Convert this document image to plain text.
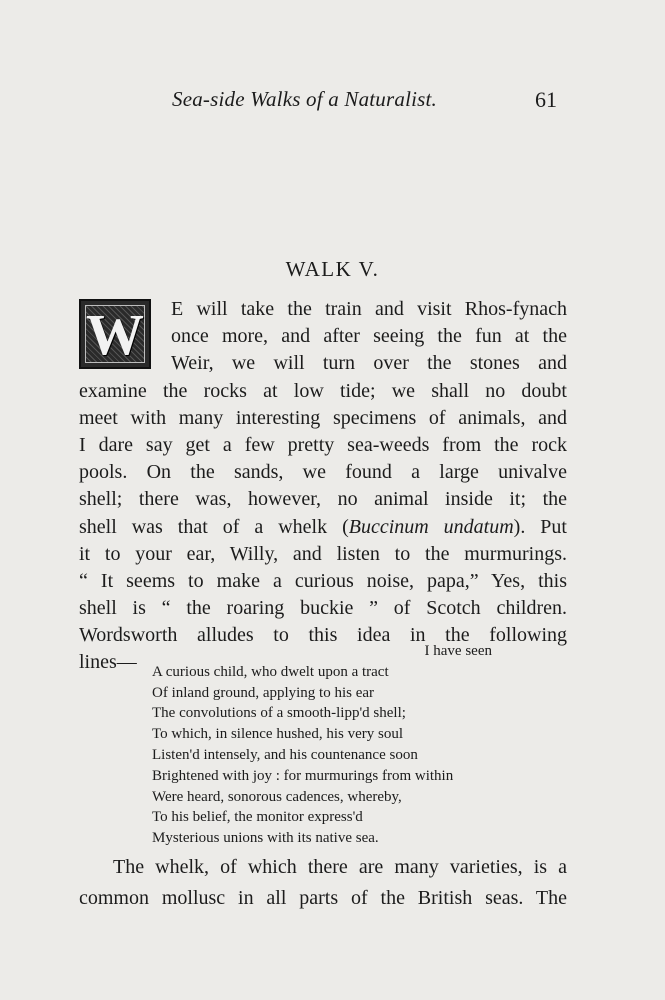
Sea-side Walks of a Naturalist.	61
WALK V.
W E will take the train and visit Rhos-fynach
once more, and after seeing the fun at the
Weir, we will turn over the stones and
examine the rocks at low tide; we shall no doubt
meet with many interesting specimens of animals, and
I dare say get a few pretty sea-weeds from the rock
pools. On the sands, we found a large univalve
shell; there was, however, no animal inside it; the
shell was that of a whelk (Buccinum undatum). Put
it to your ear, Willy, and listen to the murmurings.
“ It seems to make a curious noise, papa,” Yes, this
shell is “ the roaring buckie ” of Scotch children.
Wordsworth alludes to this idea in the following
lines—
I have seen
A curious child, who dwelt upon a tract
Of inland ground, applying to his ear
The convolutions of a smooth-lipp'd shell;
To which, in silence hushed, his very soul
Listen'd intensely, and his countenance soon
Brightened with joy : for murmurings from within
Were heard, sonorous cadences, whereby,
To his belief, the monitor express'd
Mysterious unions with its native sea.
The whelk, of which there are many varieties, is a
common mollusc in all parts of the British seas. The
